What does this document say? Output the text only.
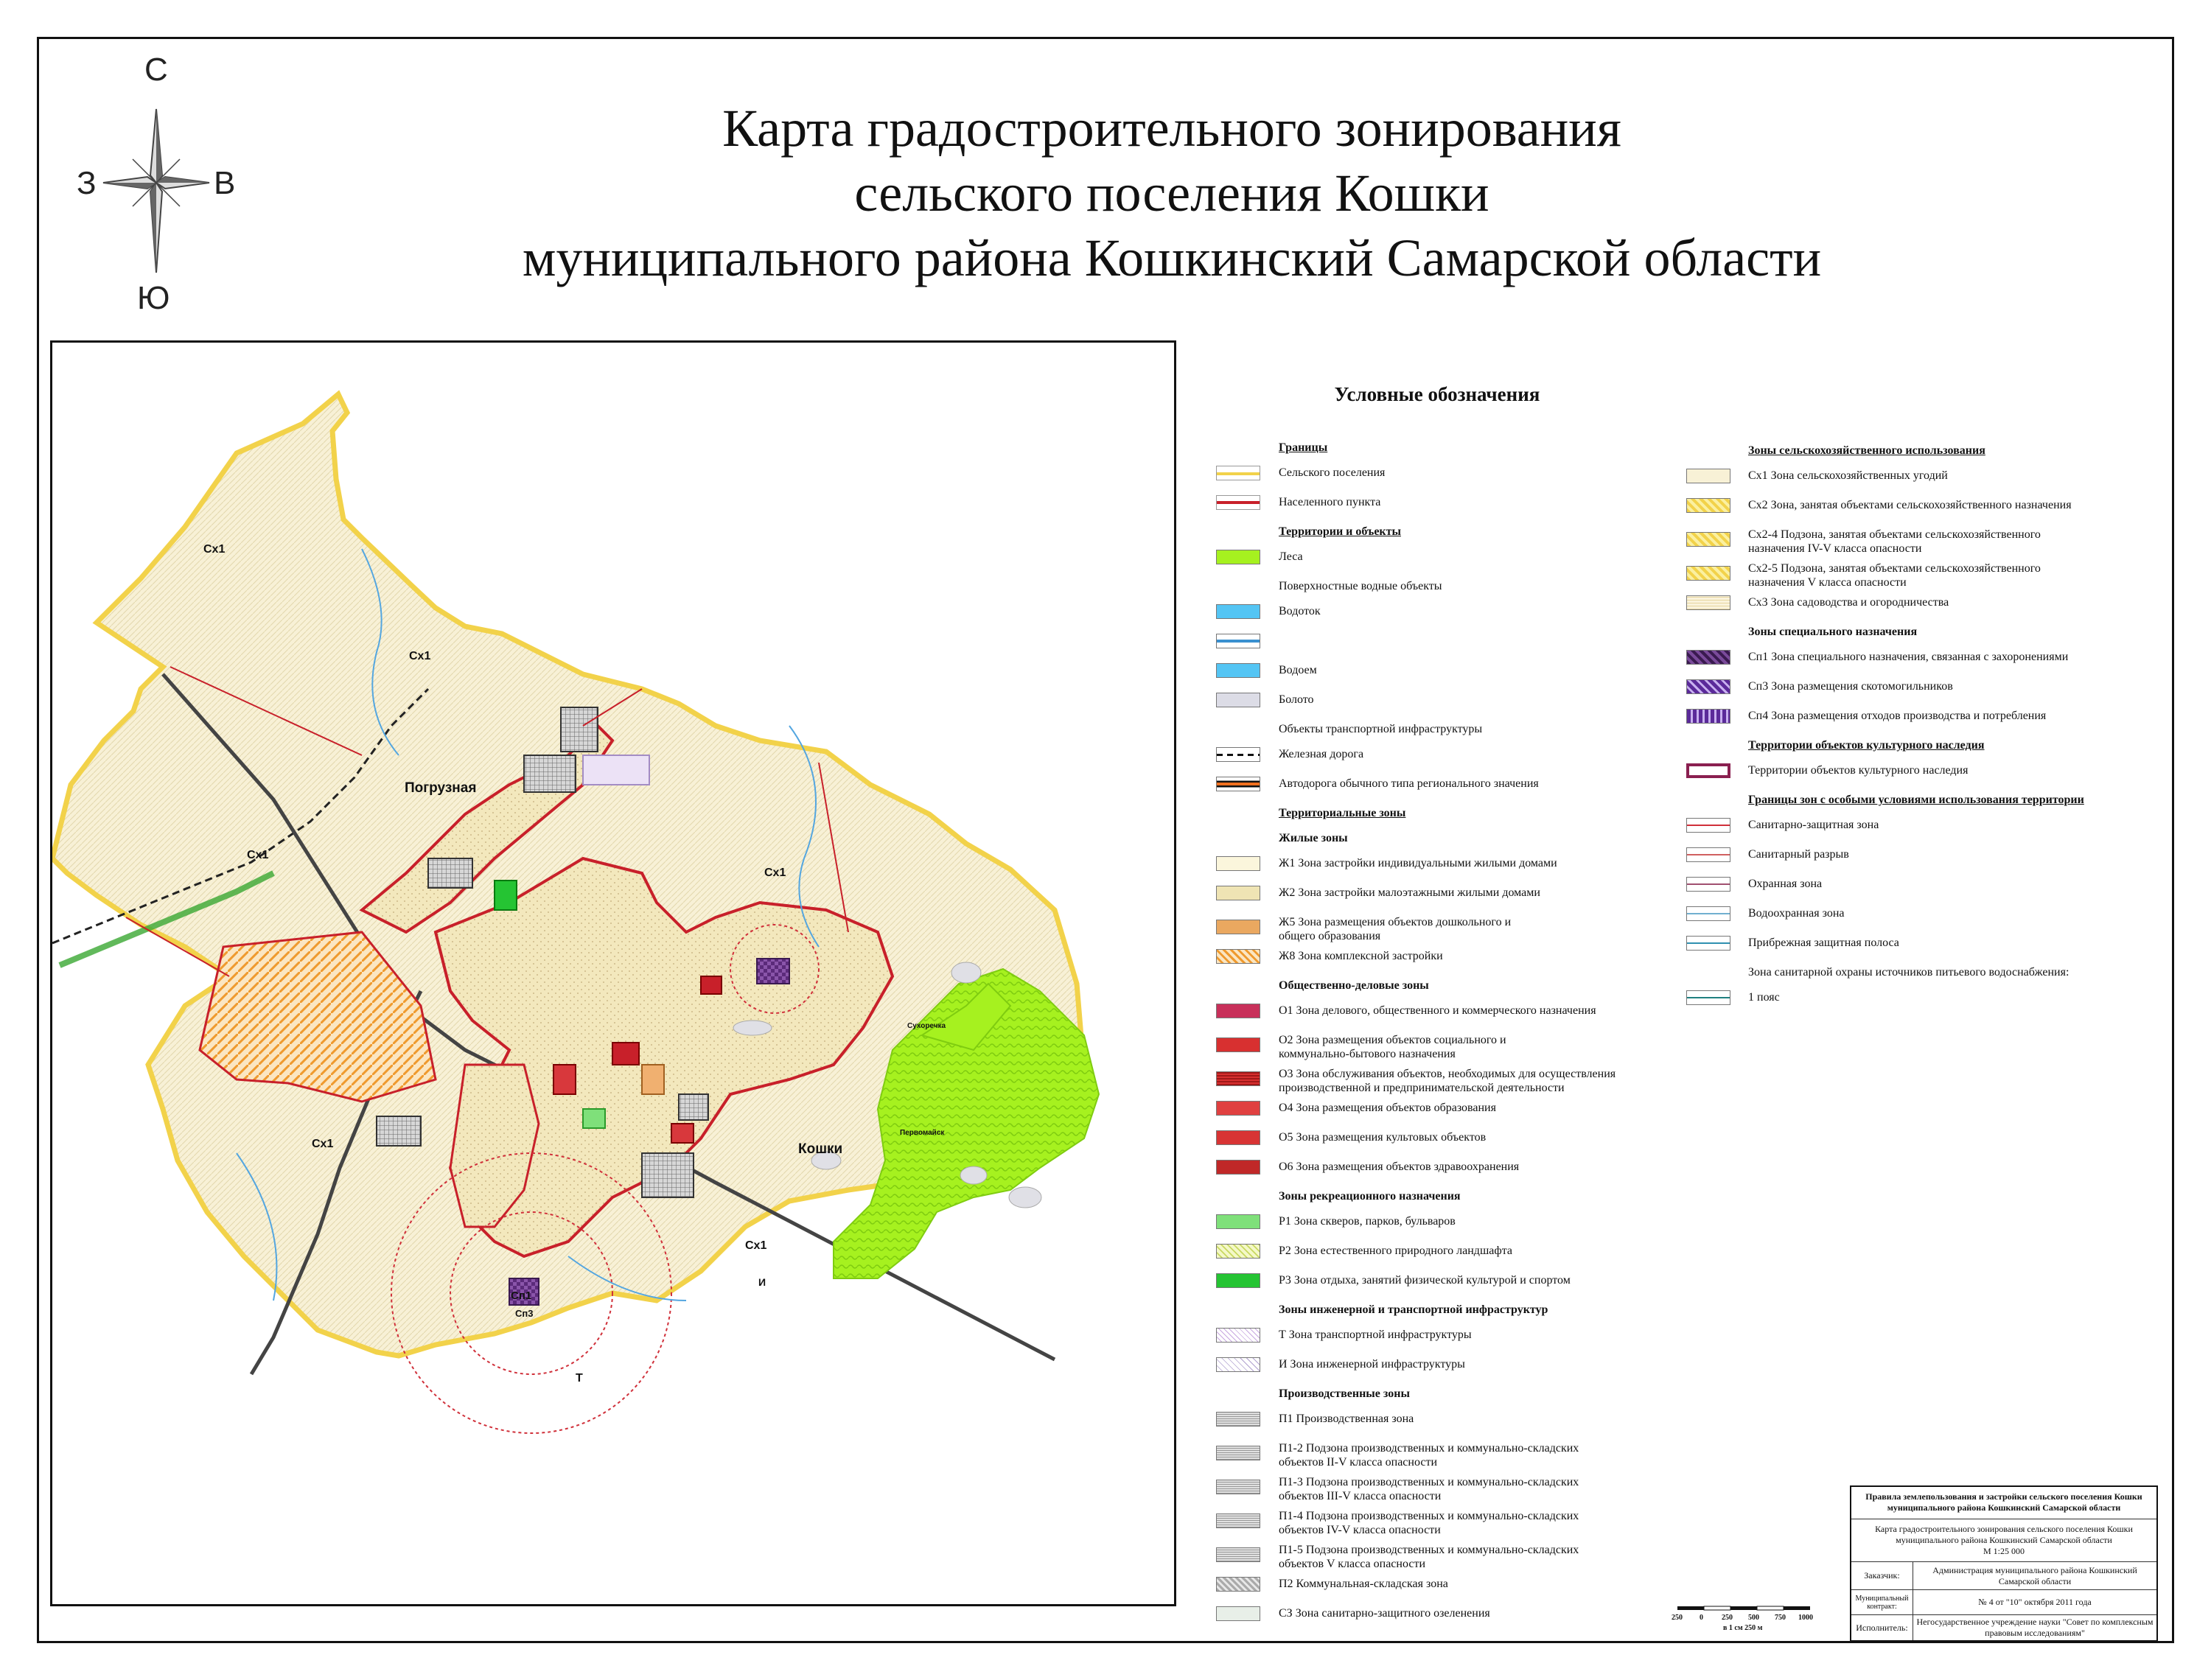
С
Ю
З	В
Карта градостроительного зонирования
сельского поселения Кошки
муниципального района Кошкинский Самарской области
Погрузная
Кошки
Сухоречка
Первомайск
Сп1
Сп3
Т
И
Сх1
Сх1
Сх1
Сх1
Сх1
Сх1
Условные обозначения
Границы
Сельского поселения
Населенного пункта
Территории и объекты
Леса
Поверхностные водные объекты
Водоток
Водоем
Болото
Объекты транспортной инфраструктуры
Железная дорога
Автодорога обычного типа регионального значения
Территориальные зоны
Жилые зоны
Ж1 Зона застройки индивидуальными жилыми домами
Ж2 Зона застройки малоэтажными жилыми домами
Ж5 Зона размещения объектов дошкольного и
общего образования
Ж8 Зона комплексной застройки
Общественно-деловые зоны
О1 Зона делового, общественного и коммерческого назначения
О2 Зона размещения объектов социального и
коммунально-бытового назначения
О3 Зона обслуживания объектов, необходимых для осуществления
производственной и предпринимательской деятельности
О4 Зона размещения объектов образования
О5 Зона размещения культовых объектов
О6 Зона размещения объектов здравоохранения
Зоны рекреационного назначения
Р1 Зона скверов, парков, бульваров
Р2 Зона естественного природного ландшафта
Р3 Зона отдыха, занятий физической культурой и спортом
Зоны инженерной и транспортной инфраструктур
Т Зона транспортной инфраструктуры
И Зона инженерной инфраструктуры
Производственные зоны
П1 Производственная зона
П1-2 Подзона производственных и коммунально-складских
объектов II-V класса опасности
П1-3 Подзона производственных и коммунально-складских
объектов III-V класса опасности
П1-4 Подзона производственных и коммунально-складских
объектов IV-V класса опасности
П1-5 Подзона производственных и коммунально-складских
объектов V класса опасности
П2 Коммунальная-складская зона
СЗ Зона санитарно-защитного озеленения
Зоны сельскохозяйственного использования
Сх1 Зона сельскохозяйственных угодий
Сх2 Зона, занятая объектами сельскохозяйственного назначения
Сх2-4 Подзона, занятая объектами сельскохозяйственного
назначения IV-V класса опасности
Сх2-5 Подзона, занятая объектами сельскохозяйственного
назначения V класса опасности
Сх3 Зона садоводства и огородничества
Зоны специального назначения
Сп1 Зона специального назначения, связанная с захоронениями
Сп3 Зона размещения скотомогильников
Сп4 Зона размещения отходов производства и потребления
Территории объектов культурного наследия
Территории объектов культурного наследия
Границы зон с особыми условиями использования территории
Санитарно-защитная зона
Санитарный разрыв
Охранная зона
Водоохранная зона
Прибрежная защитная полоса
Зона санитарной охраны источников питьевого водоснабжения:
1 пояс
Правила землепользования и застройки сельского поселения Кошки муниципального района Кошкинский Самарской области
Карта градостроительного зонирования сельского поселения Кошки муниципального района Кошкинский Самарской области
М 1:25 000
Заказчик:
Администрация муниципального района Кошкинский Самарской области
Муниципальный контракт:	№ 4 от "10" октября 2011 года
Исполнитель:
Негосударственное учреждение науки "Совет по комплексным правовым исследованиям"
250 0	250 500 750 1000
в 1 см 250 м
